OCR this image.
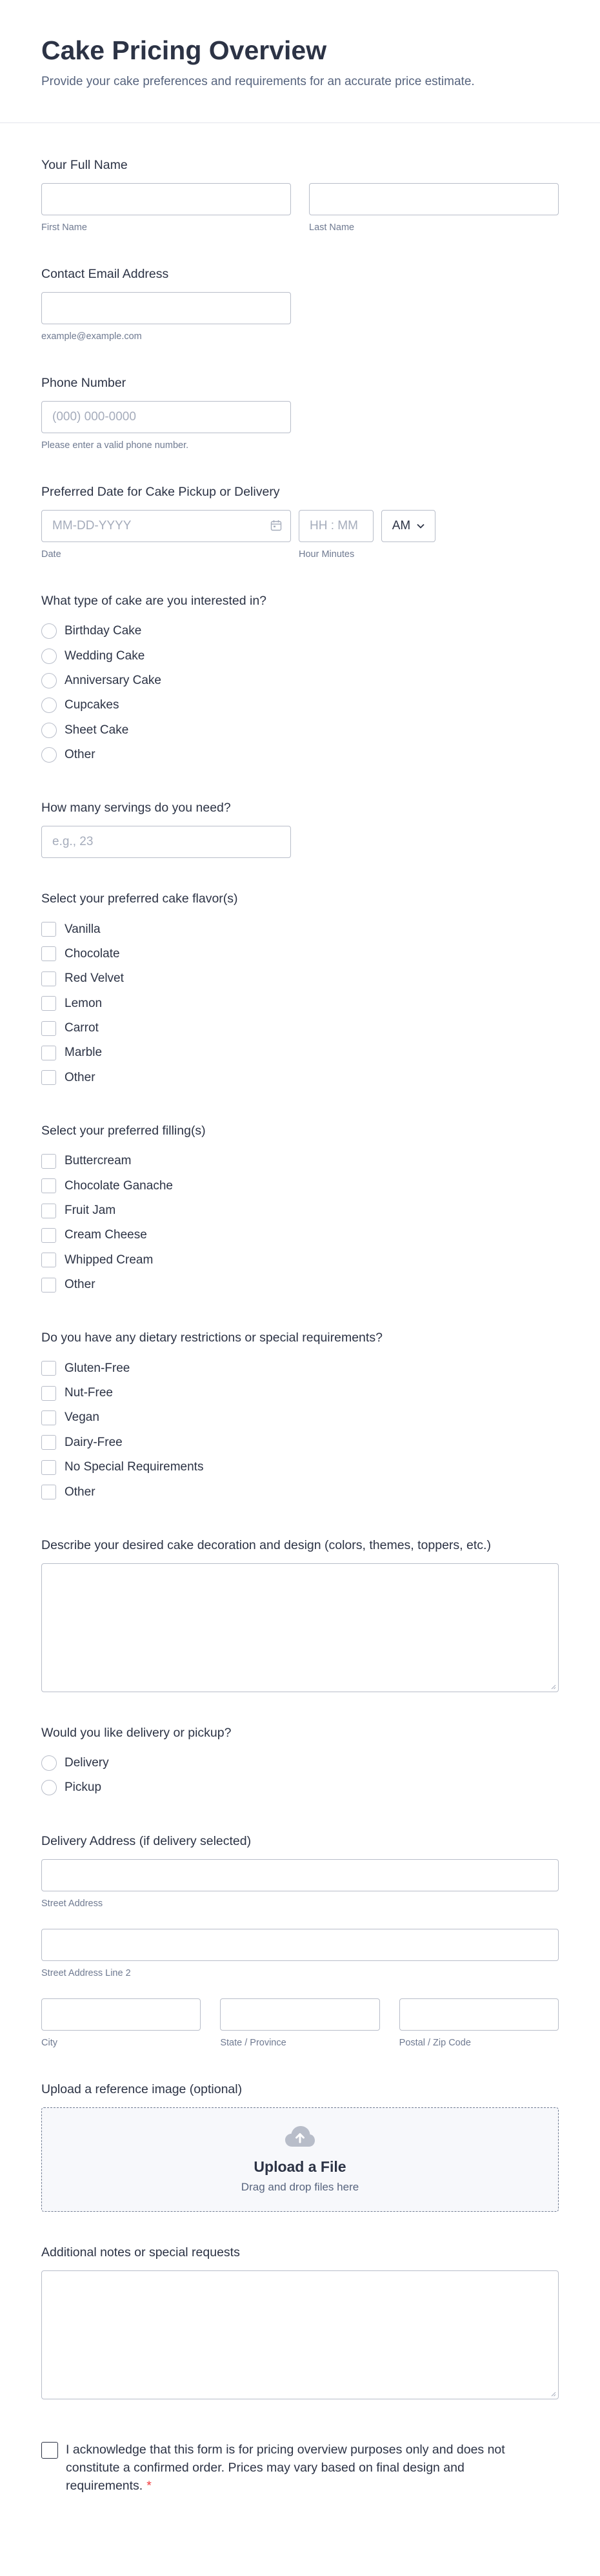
Cake Pricing Overview

Provide your cake preferences and requirements for an accurate price estimate.

Your Full Name
First Name	Last Name
Contact Email Address
example@example.com
Phone Number
(000) 000-0000
Please enter a valid phone number.
Preferred Date for Cake Pickup or Delivery
MM-DD-YYYY
Date
HH : MM	Hour Minutes
AM
What type of cake are you interested in?
Birthday Cake
Wedding Cake
Anniversary Cake
Cupcakes
Sheet Cake
Other
How many servings do you need?
e.g., 23
Select your preferred cake flavor(s)
Vanilla
Chocolate
Red Velvet
Lemon
Carrot
Marble
Other
Select your preferred filling(s)
Buttercream
Chocolate Ganache
Fruit Jam
Cream Cheese
Whipped Cream
Other
Do you have any dietary restrictions or special requirements?
Gluten-Free
Nut-Free
Vegan
Dairy-Free
No Special Requirements
Other
Describe your desired cake decoration and design (colors, themes, toppers, etc.)
Would you like delivery or pickup?
Delivery
Pickup
Delivery Address (if delivery selected)
Street Address
Street Address Line 2
City	State / Province	Postal / Zip Code
Upload a reference image (optional)
Upload a File
Drag and drop files here
Additional notes or special requests
I acknowledge that this form is for pricing overview purposes only and does not constitute a confirmed order. Prices may vary based on final design and requirements. *
